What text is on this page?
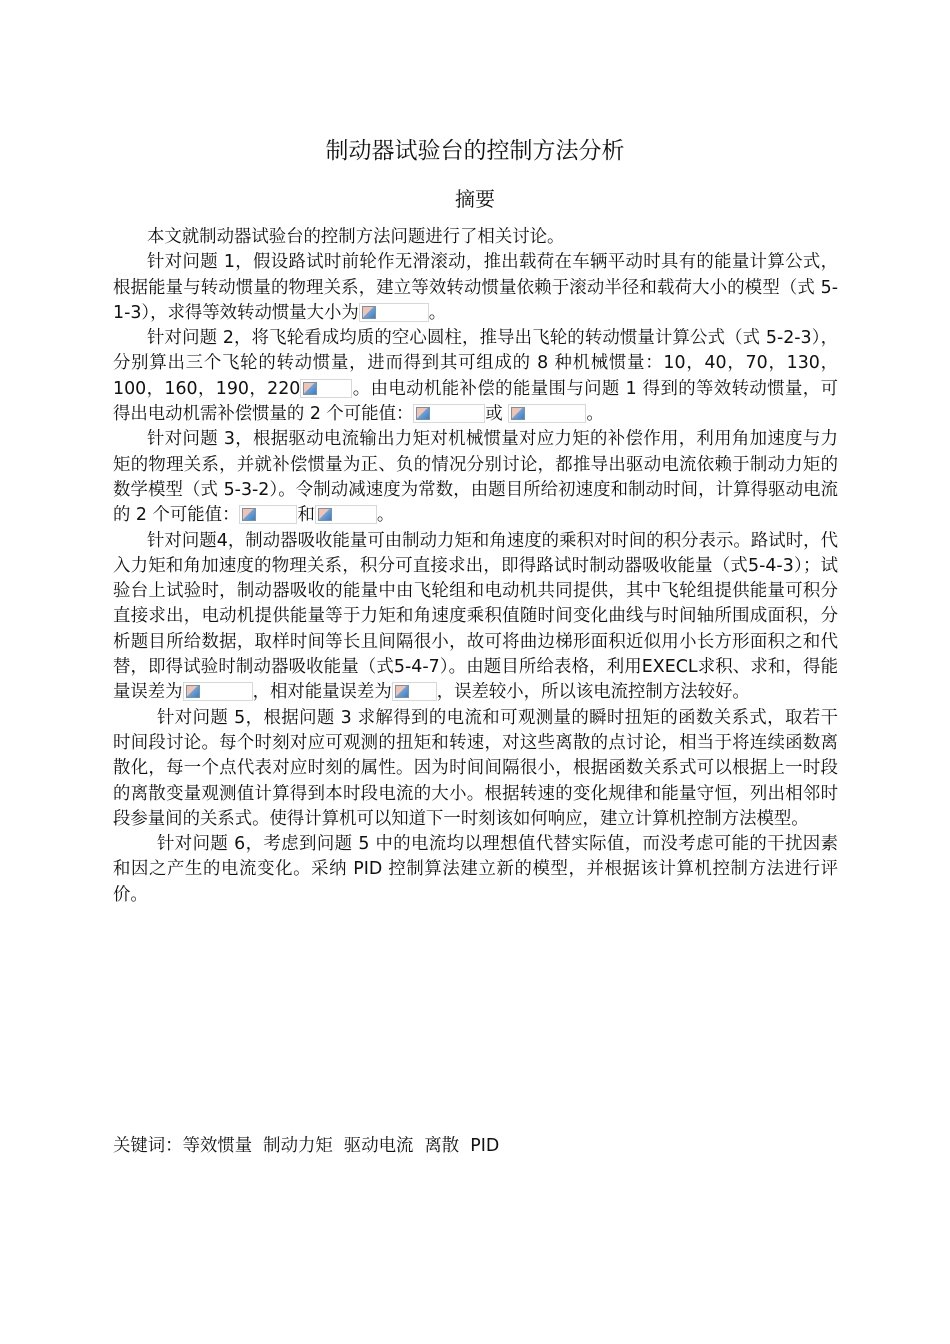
制动器试验台的控制方法分析
摘要

本文就制动器试验台的控制方法问题进行了相关讨论。

针对问题 1，假设路试时前轮作无滑滚动，推出载荷在车辆平动时具有的能量计算公式，根据能量与转动惯量的物理关系，建立等效转动惯量依赖于滚动半径和载荷大小的模型（式 5-1-3），求得等效转动惯量大小为	。

针对问题 2，将飞轮看成均质的空心圆柱，推导出飞轮的转动惯量计算公式（式 5-2-3），分别算出三个飞轮的转动惯量，进而得到其可组成的 8 种机械惯量：10，40，70，130，100，160，190，220	。由电动机能补偿的能量围与问题 1 得到的等效转动惯量，可得出电动机需补偿惯量的 2 个可能值：	或	。

针对问题 3，根据驱动电流输出力矩对机械惯量对应力矩的补偿作用，利用角加速度与力矩的物理关系，并就补偿惯量为正、负的情况分别讨论，都推导出驱动电流依赖于制动力矩的数学模型（式 5-3-2）。令制动减速度为常数，由题目所给初速度和制动时间，计算得驱动电流的 2 个可能值：	和	。

针对问题4，制动器吸收能量可由制动力矩和角速度的乘积对时间的积分表示。路试时，代入力矩和角加速度的物理关系，积分可直接求出，即得路试时制动器吸收能量（式5-4-3）；试验台上试验时，制动器吸收的能量中由飞轮组和电动机共同提供，其中飞轮组提供能量可积分直接求出，电动机提供能量等于力矩和角速度乘积值随时间变化曲线与时间轴所围成面积，分析题目所给数据，取样时间等长且间隔很小，故可将曲边梯形面积近似用小长方形面积之和代替，即得试验时制动器吸收能量（式5-4-7）。由题目所给表格，利用EXECL求积、求和，得能量误差为	，相对能量误差为	，误差较小，所以该电流控制方法较好。

针对问题 5，根据问题 3 求解得到的电流和可观测量的瞬时扭矩的函数关系式，取若干时间段讨论。每个时刻对应可观测的扭矩和转速，对这些离散的点讨论，相当于将连续函数离散化，每一个点代表对应时刻的属性。因为时间间隔很小，根据函数关系式可以根据上一时段的离散变量观测值计算得到本时段电流的大小。根据转速的变化规律和能量守恒，列出相邻时段参量间的关系式。使得计算机可以知道下一时刻该如何响应，建立计算机控制方法模型。

针对问题 6，考虑到问题 5 中的电流均以理想值代替实际值，而没考虑可能的干扰因素和因之产生的电流变化。采纳 PID 控制算法建立新的模型，并根据该计算机控制方法进行评价。

关键词：等效惯量  制动力矩  驱动电流  离散  PID
